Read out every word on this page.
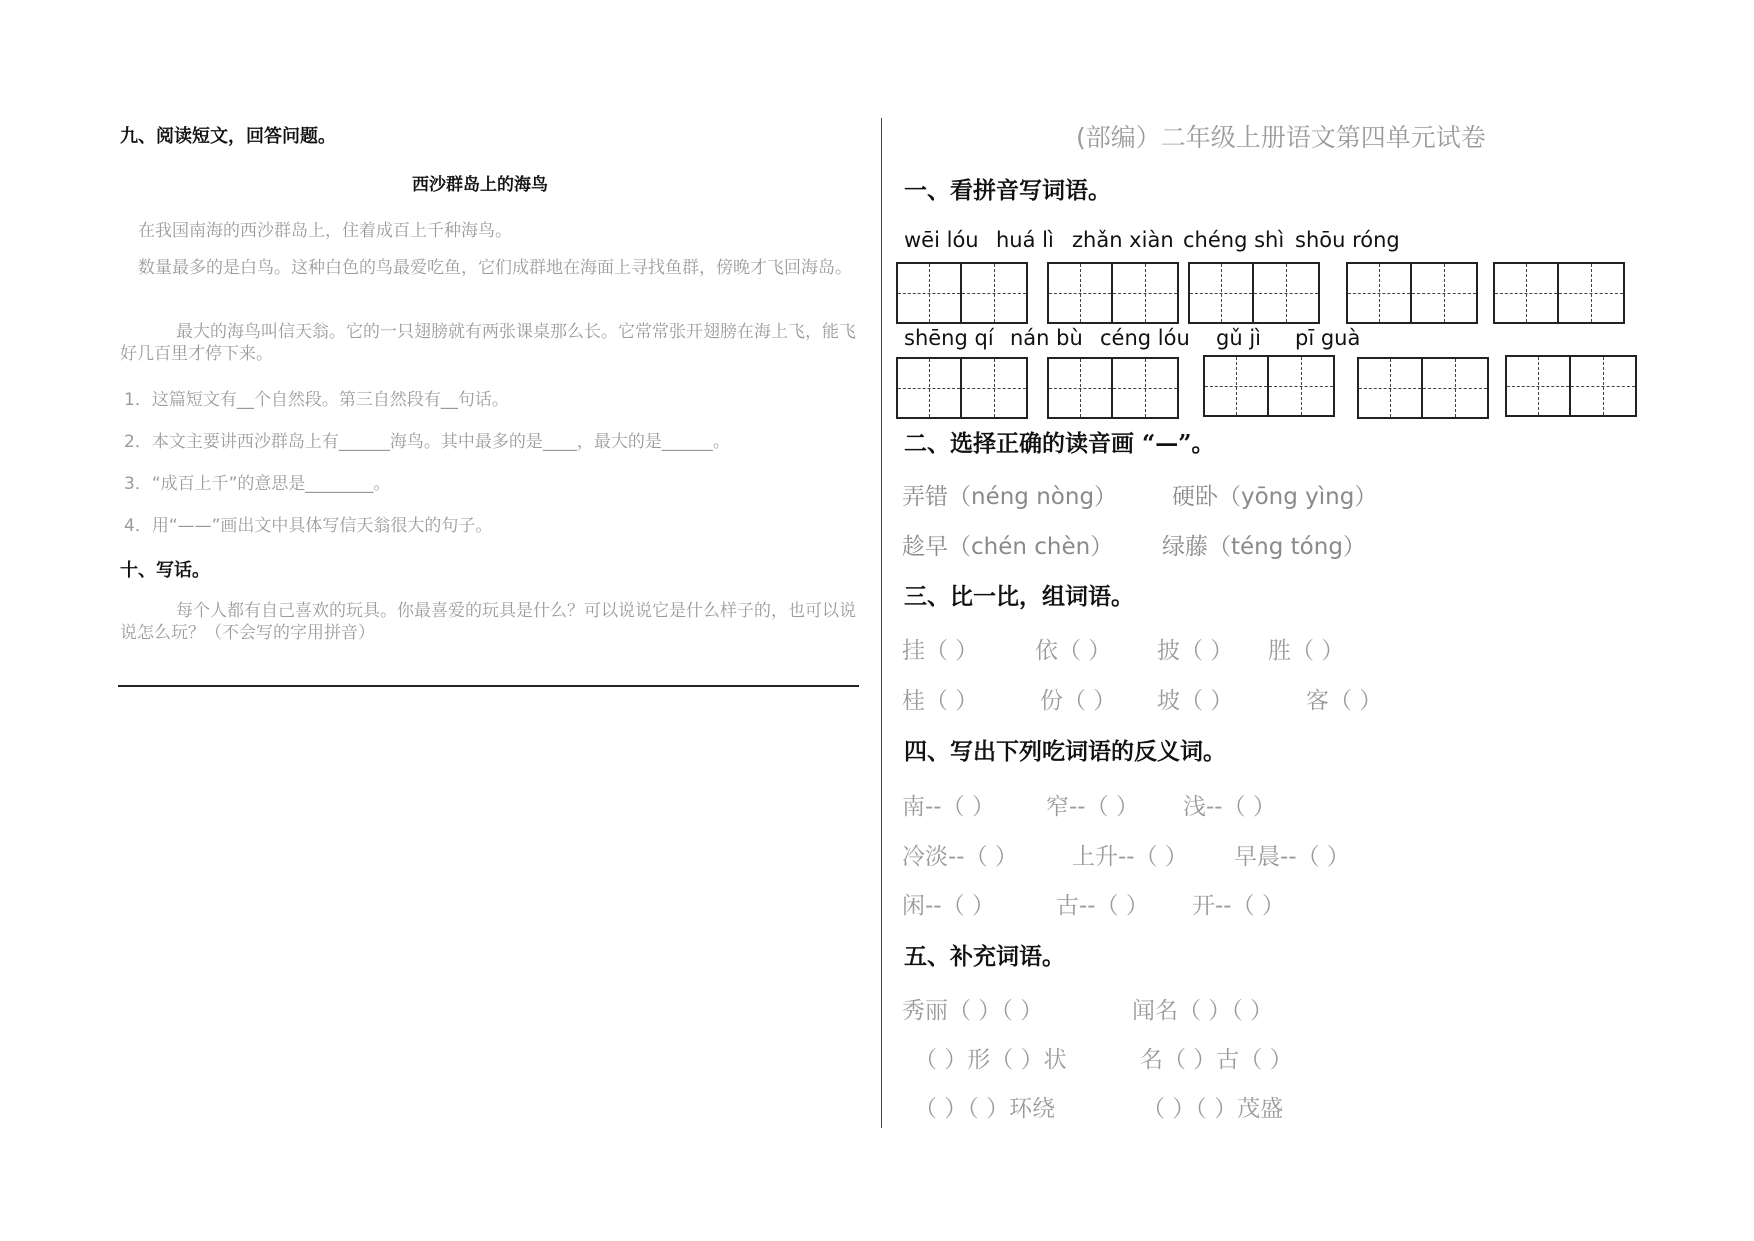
九、阅读短文，回答问题。
西沙群岛上的海鸟
在我国南海的西沙群岛上，住着成百上千种海鸟。
数量最多的是白鸟。这种白色的鸟最爱吃鱼，它们成群地在海面上寻找鱼群，傍晚才飞回海岛。
最大的海鸟叫信天翁。它的一只翅膀就有两张课桌那么长。它常常张开翅膀在海上飞，能飞好几百里才停下来。
1．这篇短文有__个自然段。第三自然段有__句话。
2．本文主要讲西沙群岛上有______海鸟。其中最多的是____，最大的是______。
3．“成百上千”的意思是________。
4．用“——”画出文中具体写信天翁很大的句子。
十、写话。
每个人都有自己喜欢的玩具。你最喜爱的玩具是什么？可以说说它是什么样子的，也可以说说怎么玩？（不会写的字用拼音）
(部编）二年级上册语文第四单元试卷
一、看拼音写词语。
wēi lóu huá lì zhǎn xiàn chéng shì shōu róng
shēng qí nán bù céng lóu gǔ jì pī guà
二、选择正确的读音画 “—”。
弄错（néng nòng） 硬卧（yōng yìng）
趁早（chén chèn） 绿藤（téng tóng）
三、比一比，组词语。
挂（ ） 依（ ） 披（ ） 胜（ ）
桂（ ）	份（ ） 坡（ ）	客（ ）
四、写出下列吃词语的反义词。
南--（ ） 窄--（ ） 浅--（ ）
冷淡--（ ） 上升--（ ） 早晨--（ ）
闲--（ ）	古--（ ） 开--（ ）
五、补充词语。
秀丽（ ）（ ）	闻名（ ）（ ）
（ ）形（ ）状	名（ ）古（ ）
（ ）（ ）环绕	（ ）（ ）茂盛
